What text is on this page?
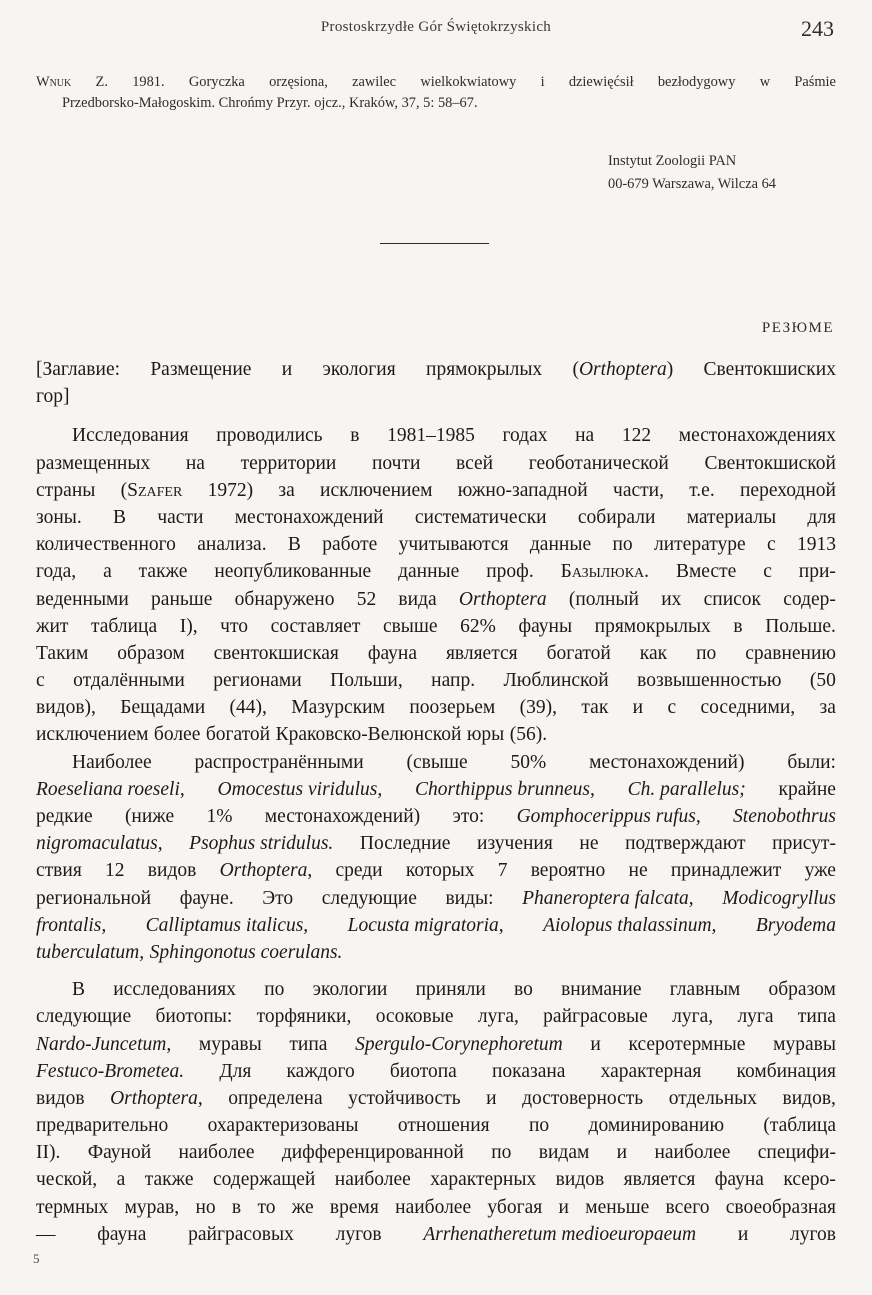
Prostoskrzydłe Gór Świętokrzyskich	243
Wnuk Z. 1981. Goryczka orzęsiona, zawilec wielkokwiatowy i dziewięćsił bezłodygowy w Paśmie
Przedborsko-Małogoskim. Chrońmy Przyr. ojcz., Kraków, 37, 5: 58–67.
Instytut Zoologii PAN
00-679 Warszawa, Wilcza 64
РЕЗЮМЕ
[Заглавие: Размещение и экология прямокрылых (Orthoptera) Свентокшиских
гор]
Исследования проводились в 1981–1985 годах на 122 местонахождениях
размещенных на территории почти всей геоботанической Свентокшиской
страны (Szafer 1972) за исключением южно-западной части, т.е. переходной
зоны. В части местонахождений систематически собирали материалы для
количественного анализа. В работе учитываются данные по литературе с 1913
года, а также неопубликованные данные проф. Базылюка. Вместе с при-
веденными раньше обнаружено 52 вида Orthoptera (полный их список содер-
жит таблица I), что составляет свыше 62% фауны прямокрылых в Польше.
Таким образом свентокшиская фауна является богатой как по сравнению
с отдалёнными регионами Польши, напр. Люблинской возвышенностью (50
видов), Бещадами (44), Мазурским поозерьем (39), так и с соседними, за
исключением более богатой Краковско-Велюнской юры (56).
Наиболее распространёнными (свыше 50% местонахождений) были:
Roeseliana roeseli, Omocestus viridulus, Chorthippus brunneus, Ch. parallelus; крайне
редкие (ниже 1% местонахождений) это: Gomphocerippus rufus, Stenobothrus
nigromaculatus, Psophus stridulus. Последние изучения не подтверждают присут-
ствия 12 видов Orthoptera, среди которых 7 вероятно не принадлежит уже
региональной фауне. Это следующие виды: Phaneroptera falcata, Modicogryllus
frontalis, Calliptamus italicus, Locusta migratoria, Aiolopus thalassinum, Bryodema
tuberculatum, Sphingonotus coerulans.
В исследованиях по экологии приняли во внимание главным образом
следующие биотопы: торфяники, осоковые луга, райграсовые луга, луга типа
Nardo-Juncetum, муравы типа Spergulo-Corynephoretum и ксеротермные муравы
Festuco-Brometea. Для каждого биотопа показана характерная комбинация
видов Orthoptera, определена устойчивость и достоверность отдельных видов,
предварительно охарактеризованы отношения по доминированию (таблица
II). Фауной наиболее дифференцированной по видам и наиболее специфи-
ческой, а также содержащей наиболее характерных видов является фауна ксеро-
термных мурав, но в то же время наиболее убогая и меньше всего своеобразная
— фауна райграсовых лугов Arrhenatheretum medioeuropaeum и лугов
5
